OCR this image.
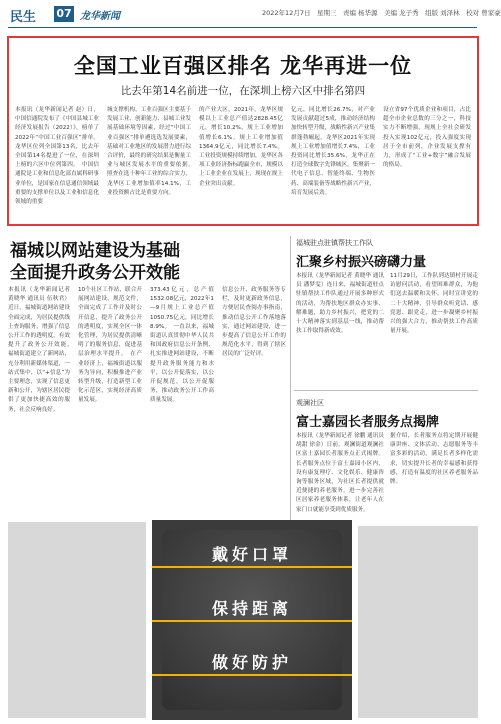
民生 07 龙华新闻	2022年12月7日　星期三　责编 杨华源　美编 龙子秀　组版 刘泽林　校对 曾家豪
全国工业百强区排名 龙华再进一位
比去年第14名前进一位，在深圳上榜六区中排名第四
本报讯（龙华新闻记者 赵）日，中国信通院发布了《中国县城工业经济发展报告（2022）》，榜单了2022年“中国工业百强区”排单。龙华区位列全国第13名，比去年全国第14名提进了一位，在深圳上榜的六区中位列第四。　中国信通院是工业和信息化部直属科研事业单位，是国家在信息通信领域最重要的支撑单位以及工业和信息化领域的重要
城支撑机构。工业百强区主要基于发展工业、创新能力、县城工业发展基础环境等因素，经过“中国工业百强区”排单遴选选发展要素，基础对工业地区的发展潜力进行综合评价，最终的研究结果是衡量工业与城区发展水平的重要依据。　照查在选十种年工业的综合实力，龙华区工业增加值率14.1%，工业投资额占比是重要方向。
的产业大区，2021年，龙华区规模以上工业总产值达2828.45亿元，增长10.2%，规上工业增加值增长6.1%。规上工业增加值1364.9亿元，同比增长7.4%。工业投资规模持续增加，龙华区各项工业经济指标跑赢全市，规模以上工业企业在发展上，现现在规上企业突出贡献。
亿元，同比增长26.7%，对产业发展贡献超过5成，推动经济结构加快转型升级，战略性新兴产业集群蓬勃崛起，龙华区2021年实现规上工业增加值增长7.4%，工业投资同比增长35.6%，龙华正在打造全球数字先锋城区，集聚新一代电子信息、智能终端、生物医药、高端装备等战略性新兴产业，培育发展后劲。
设立省97个优质企业和项目，占比超全市企业总数的三分之一，科技实力不断增强，现规上全社会研发投入实现102亿元，投入强度实现居于全市前列，企业发展支撑有力，形成了“工业+数字”融合发展的格局。
福城以网站建设为基础
全面提升政务公开效能
本报讯（龙华新闻记者 黄晓华 通讯员 伍秋君）近日，福城街道网站建设全面完成，为居民提供线上查询服务，增强了信息公开工作的透明度，有效提升了政务公开效能。　福城街道建立了新网站，充分利用新媒体渠道，一站式集中，以“+信息”为主要理念，实现了信息更新和公开，为辖区居民提供了更加快捷高效的服务，社会反响良好。
10个社区工作站，联合开展网站建设，规范文件，全面完成了工作并及时公开信息，提升了政务公开的透明度，实现全区一体化管理，为居民提供清晰明了的服务信息，促进基层治理水平提升。　在产业经济上，福城街道以服务为导向，积极推进产业转型升级，打造新型工业化示范区，实现经济高质量发展。
373.43亿元，总产值1532.08亿元，2022年1—9月规上工业总产值1050.75亿元，同比增长8.9%。　一直以来，福城街道认真贯彻中华人民共和国政府信息公开条例，扎实推进网站建设，不断提升政务服务能力和水平，以公开促落实，以公开促规范，以公开促服务，推动政务公开工作高质量发展。
信息公开、政务服务等专栏，及时更新政务信息，方便居民查阅办事指南，推动信息公开工作落地落实，通过网站建设，进一步提高了信息公开工作的规范化水平，得到了辖区居民的广泛好评。
福城驻点驻镇帮扶工作队
汇聚乡村振兴磅礴力量
本报讯（龙华新闻记者 黄晓华 通讯员 潘梦雯）连日来，福城街道驻点驻镇帮扶工作队通过开展多种形式的活动，为帮扶地区群众办实事、解难题，助力乡村振兴，把党的二十大精神落实到基层一线，推动帮扶工作取得新成效。
11月29日，工作队到达镇村开展走访慰问活动，看望困难群众，为他们送去温暖和关怀，同时宣讲党的二十大精神，引导群众听党话、感党恩、跟党走，进一步凝聚乡村振兴的强大合力，推动帮扶工作高质量开展。
观澜社区
富士嘉园长者服务点揭牌
本报讯（龙华新闻记者 徐鹏 通讯员 胡甜 徐金）日前，观澜街道观澜社区富士嘉园长者服务点正式揭牌。长者服务点位于富士嘉园小区内，设有康复理疗、文化娱乐、健康咨询等服务区域，为社区长者提供就近便捷的养老服务，进一步完善社区居家养老服务体系，让老年人在家门口就能享受到优质服务。
据介绍，长者服务点将定期开展健康讲座、文体活动、志愿服务等丰富多彩的活动，满足长者多样化需求，切实提升长者的幸福感和获得感，打造有温度的社区养老服务品牌。
戴好口罩
保持距离
做好防护
